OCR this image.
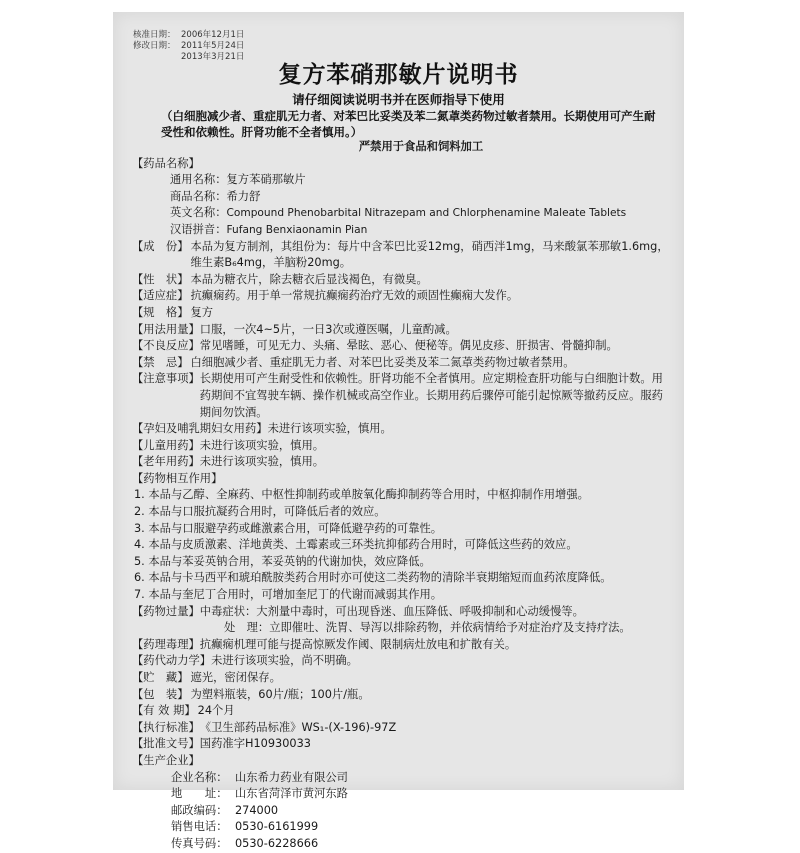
核准日期： 2006年12月1日
修改日期： 2011年5月24日
2013年3月21日
复方苯硝那敏片说明书
请仔细阅读说明书并在医师指导下使用
（白细胞减少者、重症肌无力者、对苯巴比妥类及苯二氮䓬类药物过敏者禁用。长期使用可产生耐受性和依赖性。肝肾功能不全者慎用。）
严禁用于食品和饲料加工
【药品名称】
通用名称：复方苯硝那敏片
商品名称：希力舒
英文名称：Compound Phenobarbital Nitrazepam and Chlorphenamine Maleate Tablets
汉语拼音：Fufang Benxiaonamin Pian
【成　份】 本品为复方制剂，其组份为：每片中含苯巴比妥12mg，硝西泮1mg，马来酸氯苯那敏1.6mg，维生素B₆4mg，羊脑粉20mg。
【性　状】 本品为糖衣片，除去糖衣后显浅褐色，有微臭。
【适应症】 抗癫痫药。用于单一常规抗癫痫药治疗无效的顽固性癫痫大发作。
【规　格】 复方
【用法用量】 口服，一次4~5片，一日3次或遵医嘱，儿童酌减。
【不良反应】 常见嗜睡，可见无力、头痛、晕眩、恶心、便秘等。偶见皮疹、肝损害、骨髓抑制。
【禁　忌】 白细胞减少者、重症肌无力者、对苯巴比妥类及苯二氮䓬类药物过敏者禁用。
【注意事项】 长期使用可产生耐受性和依赖性。肝肾功能不全者慎用。应定期检查肝功能与白细胞计数。用药期间不宜驾驶车辆、操作机械或高空作业。长期用药后骤停可能引起惊厥等撤药反应。服药期间勿饮酒。
【孕妇及哺乳期妇女用药】 未进行该项实验，慎用。
【儿童用药】 未进行该项实验，慎用。
【老年用药】 未进行该项实验，慎用。
【药物相互作用】
1. 本品与乙醇、全麻药、中枢性抑制药或单胺氧化酶抑制药等合用时，中枢抑制作用增强。
2. 本品与口服抗凝药合用时，可降低后者的效应。
3. 本品与口服避孕药或雌激素合用，可降低避孕药的可靠性。
4. 本品与皮质激素、洋地黄类、土霉素或三环类抗抑郁药合用时，可降低这些药的效应。
5. 本品与苯妥英钠合用，苯妥英钠的代谢加快，效应降低。
6. 本品与卡马西平和琥珀酰胺类药合用时亦可使这二类药物的清除半衰期缩短而血药浓度降低。
7. 本品与奎尼丁合用时，可增加奎尼丁的代谢而减弱其作用。
【药物过量】 中毒症状：大剂量中毒时，可出现昏迷、血压降低、呼吸抑制和心动缓慢等。
处　理： 立即催吐、洗胃、导泻以排除药物，并依病情给予对症治疗及支持疗法。
【药理毒理】 抗癫痫机理可能与提高惊厥发作阈、限制病灶放电和扩散有关。
【药代动力学】 未进行该项实验，尚不明确。
【贮　藏】 遮光，密闭保存。
【包　装】 为塑料瓶装，60片/瓶；100片/瓶。
【有 效 期】 24个月
【执行标准】 《卫生部药品标准》WS₁-(X-196)-97Z
【批准文号】 国药准字H10930033
【生产企业】
企业名称： 山东希力药业有限公司
地　　址： 山东省菏泽市黄河东路
邮政编码： 274000
销售电话： 0530-6161999
传真号码： 0530-6228666
